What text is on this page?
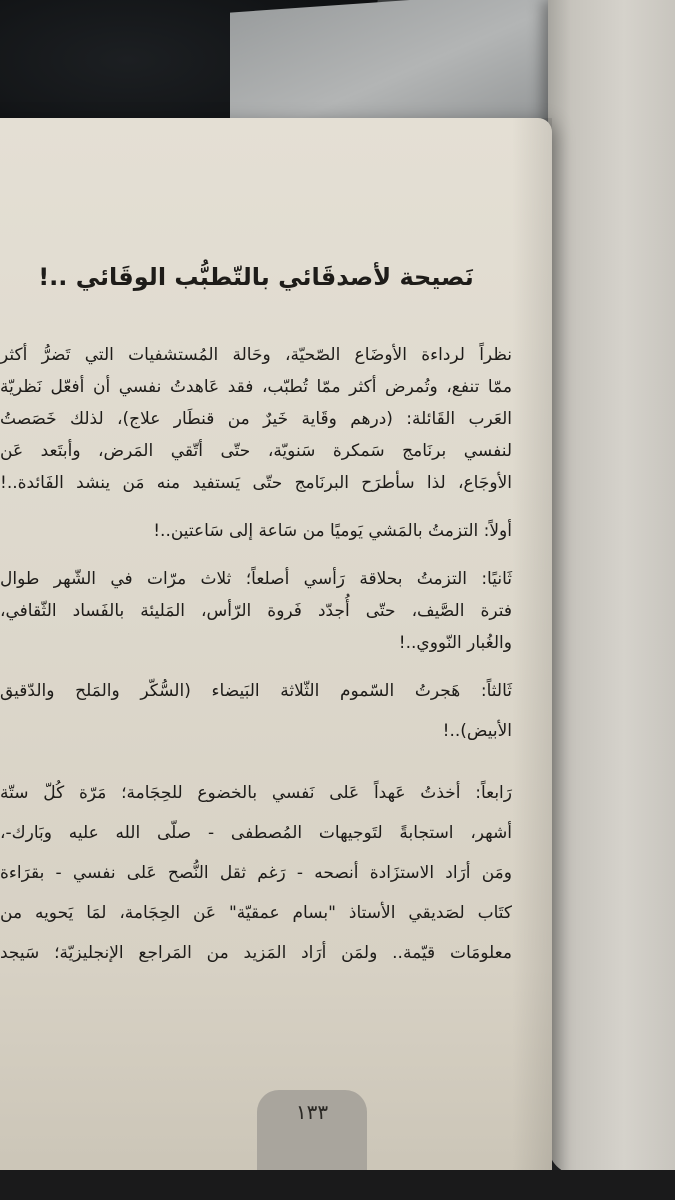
نَصيحة لأصدقَائي بالتّطبُّب الوقَائي ..!
نظراً لرداءة الأوضَاع الصّحيّة، وحَالة المُستشفيات التي تَضرُّ أكثر
ممّا تنفع، وتُمرض أكثر ممّا تُطبّب، فقد عَاهدتُ نفسي أن أفعّل نَظريّة
العَرب القَائلة: (درهم وقَاية خَيرٌ من قنطَار علاج)، لذلك خَصَصتُ
لنفسي برنَامج سَمكرة سَنويّة، حتّى أتّقي المَرض، وأبتَعد عَن
الأوجَاع، لذا سأطرَح البرنَامج حتّى يَستفيد منه مَن ينشد الفَائدة..!
أولاً: التزمتُ بالمَشي يَوميًا من سَاعة إلى سَاعتين..!
ثَانيًا: التزمتُ بحلاقة رَأسي أصلعاً؛ ثلاث مرّات في الشّهر طوال
فترة الصَّيف، حتّى أُجدّد فَروة الرّأس، المَليئة بالفَساد الثّقافي،
والغُبار النّووي..!
ثَالثاً: هَجرتُ السّموم الثّلاثة البَيضاء (السُّكّر والمَلح والدّقيق
الأبيض)..!
رَابعاً: أخذتُ عَهداً عَلى نَفسي بالخضوع للحِجَامة؛ مَرّة كُلّ ستّة
أشهر، استجابةً لتَوجيهات المُصطفى - صلّى الله عليه وبَارك-،
ومَن أرَاد الاستزَادة أنصحه - رَغم ثقل النُّصح عَلى نفسي - بقرَاءة
كتَاب لصَديقي الأستاذ "بسام عمقيّة" عَن الحِجَامة، لمَا يَحويه من
معلومَات قيّمة.. ولمَن أرَاد المَزيد من المَراجع الإنجليزيّة؛ سَيجد
١٣٣
